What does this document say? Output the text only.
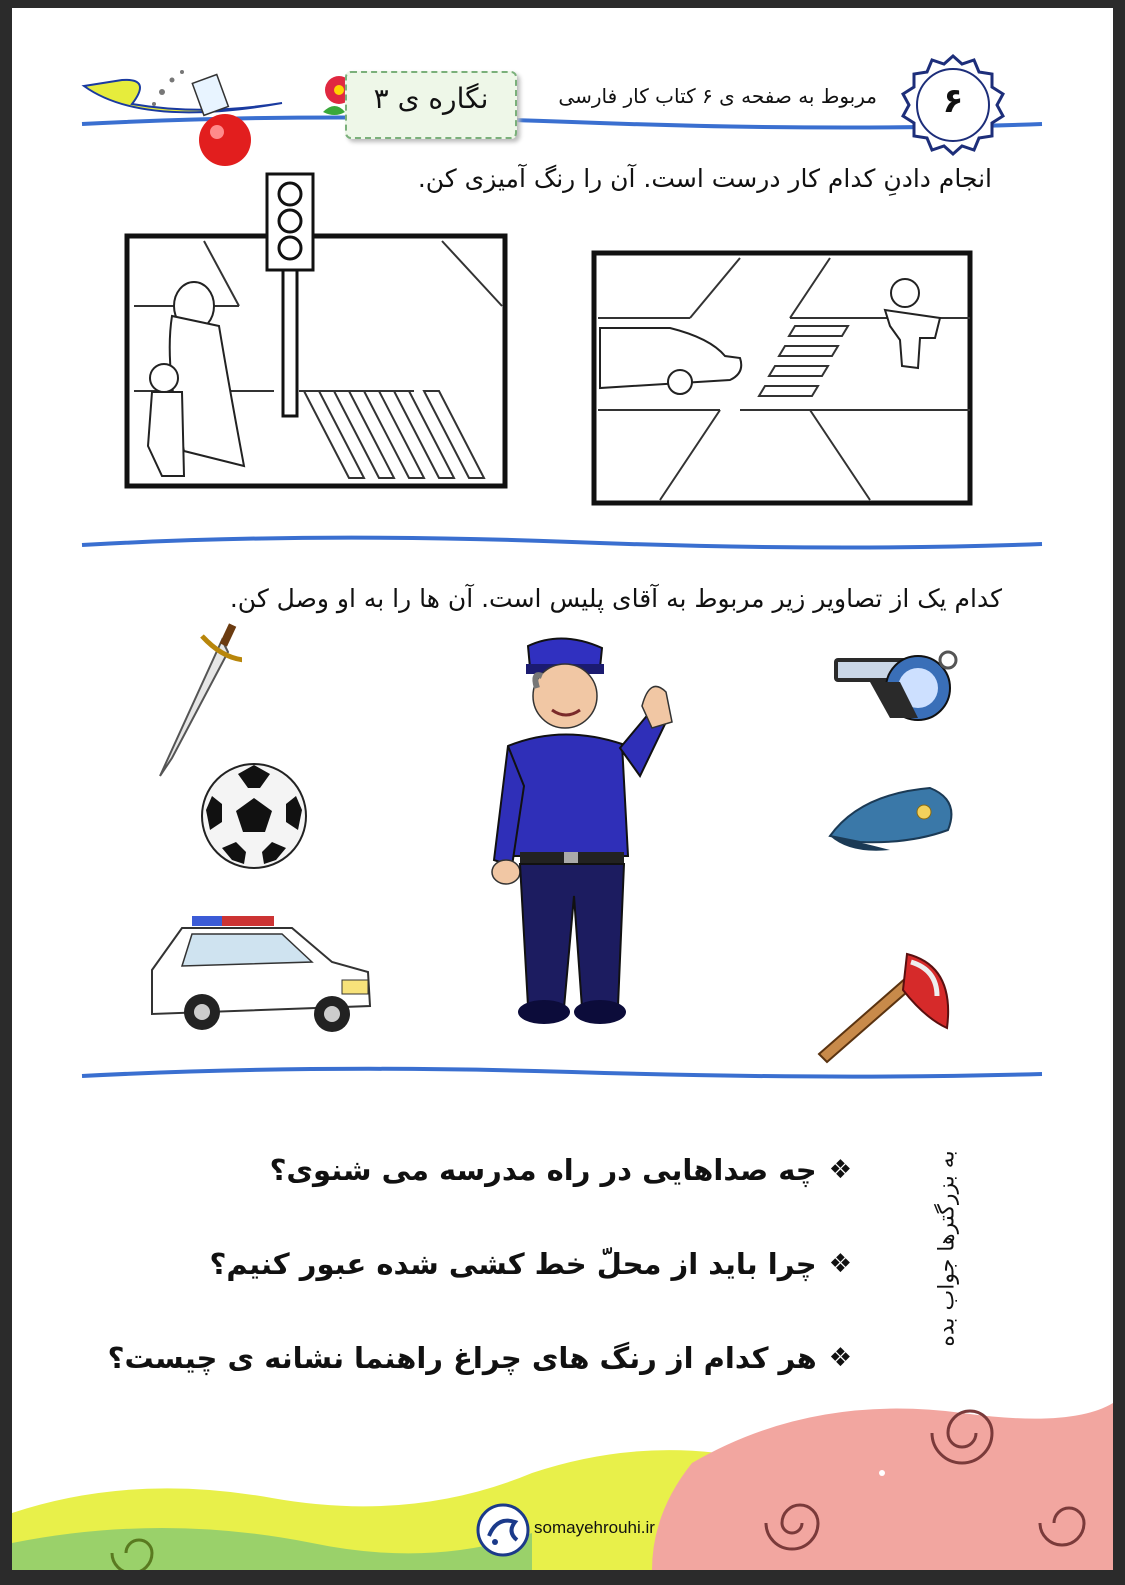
نگاره ی ۳	مربوط به صفحه ی ۶ کتاب کار فارسی	۶
انجام دادنِ کدام کار درست است. آن را رنگ آمیزی کن.
کدام یک از تصاویر زیر مربوط به آقای پلیس است. آن ها را به او وصل کن.
به بزرگترها جواب بده
❖
چه صداهایی در راه مدرسه می شنوی؟
❖
چرا باید از محلّ خط کشی شده عبور کنیم؟
❖
هر کدام از رنگ های چراغ راهنما نشانه ی چیست؟
somayehrouhi.ir
